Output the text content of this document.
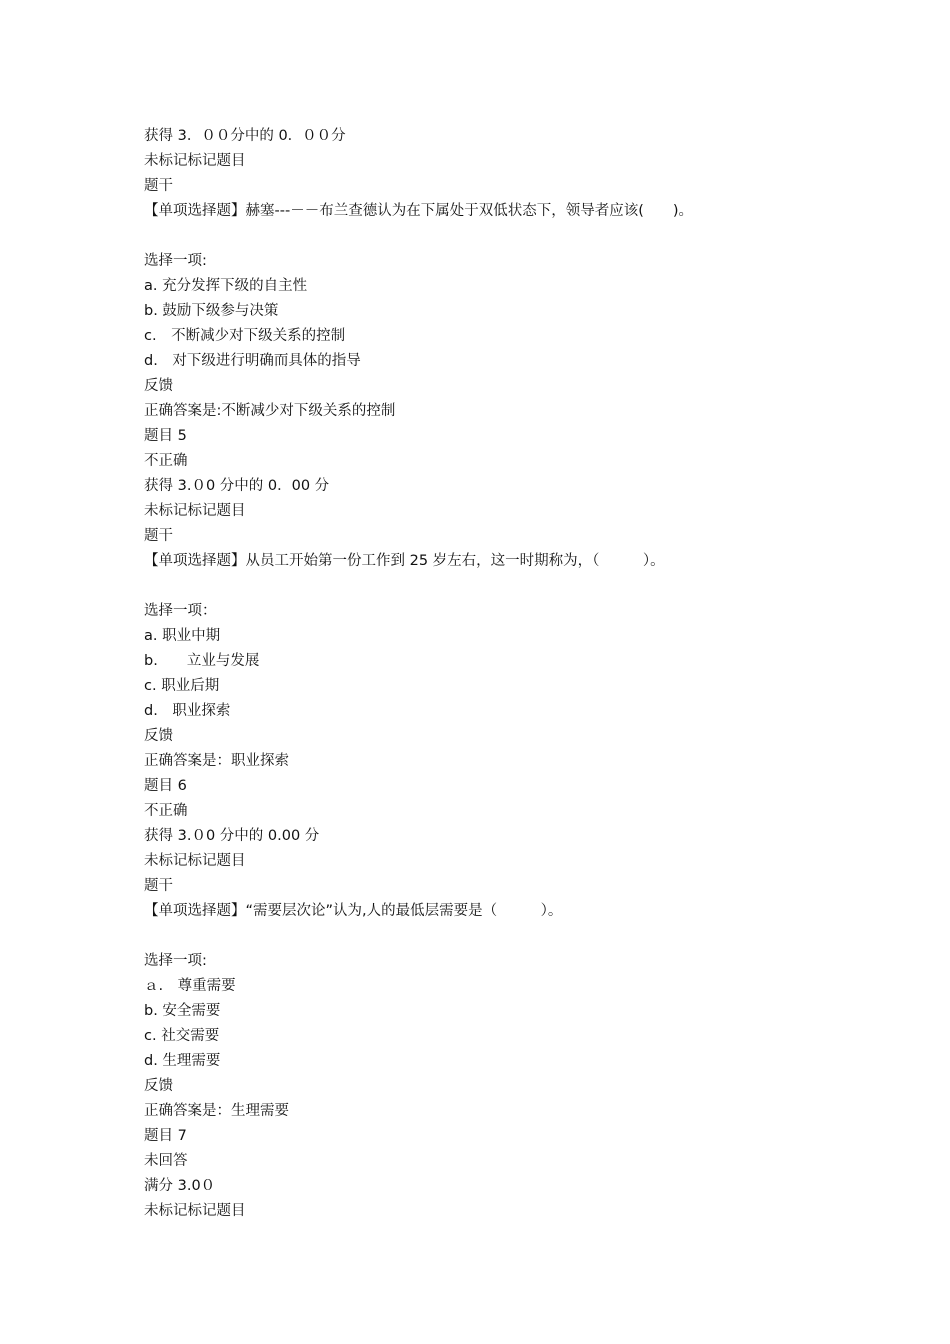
获得 3．００分中的 0．００分
未标记标记题目
题干
【单项选择题】赫塞---－－布兰查德认为在下属处于双低状态下，领导者应该(　　)。
选择一项:
a. 充分发挥下级的自主性
b. 鼓励下级参与决策
c.　不断减少对下级关系的控制
d.　对下级进行明确而具体的指导
反馈
正确答案是:不断减少对下级关系的控制
题目 5
不正确
获得 3.０0 分中的 0．00 分
未标记标记题目
题干
【单项选择题】从员工开始第一份工作到 25 岁左右，这一时期称为，（　　　）。
选择一项：
a. 职业中期
b.　　立业与发展
c. 职业后期
d.　职业探索
反馈
正确答案是：职业探索
题目 6
不正确
获得 3.０0 分中的 0.00 分
未标记标记题目
题干
【单项选择题】“需要层次论”认为,人的最低层需要是（　　　）。
选择一项:
ａ.　尊重需要
b. 安全需要
c. 社交需要
d. 生理需要
反馈
正确答案是：生理需要
题目 7
未回答
满分 3.0０
未标记标记题目
